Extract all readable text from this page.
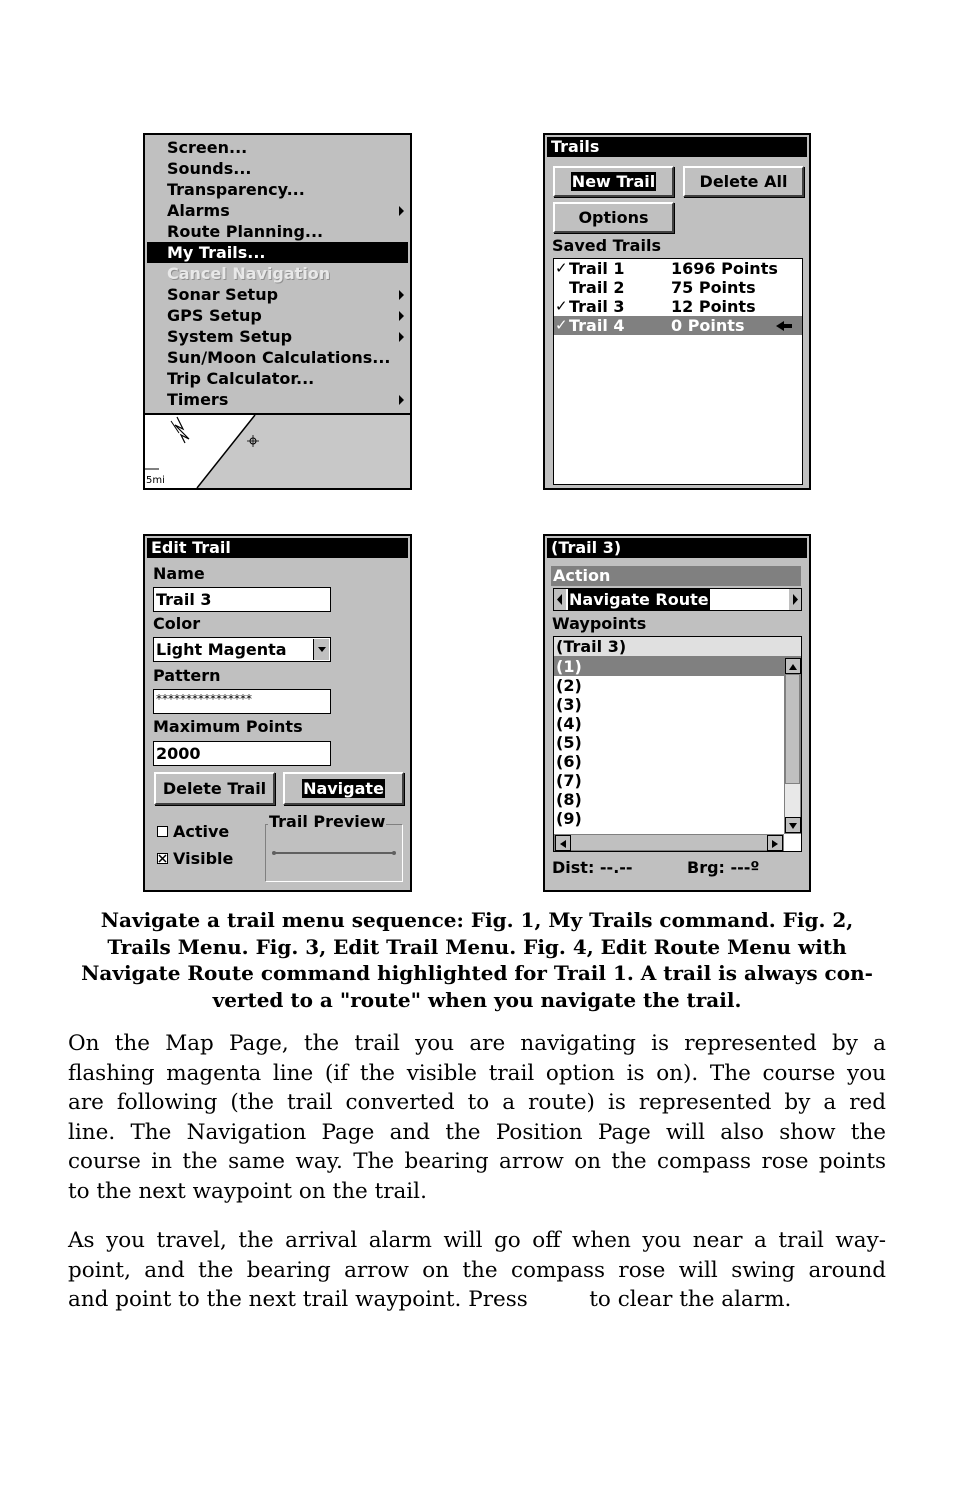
Screen...
Sounds...
Transparency...
Alarms
Route Planning...
My Trails...
Cancel Navigation
Sonar Setup
GPS Setup
System Setup
Sun/Moon Calculations...
Trip Calculator...
Timers
5mi
Trails
New Trail	Delete All
Options
Saved Trails
✓ Trail 1	1696 Points
Trail 2	75 Points
✓ Trail 3	12 Points
✓ Trail 4	0 Points
Edit Trail
Name
Trail 3
Color
Light Magenta
Pattern
****************
Maximum Points
2000
Delete Trail	Navigate
Active
Visible
Trail Preview
(Trail 3)
Action
Navigate Route
Waypoints
(Trail 3)
(1)
(2)
(3)
(4)
(5)
(6)
(7)
(8)
(9)
Dist: --.--	Brg: ---º
Navigate a trail menu sequence: Fig. 1, My Trails command. Fig. 2,
Trails Menu. Fig. 3, Edit Trail Menu. Fig. 4, Edit Route Menu with
Navigate Route command highlighted for Trail 1. A trail is always con-
verted to a "route" when you navigate the trail.
On the Map Page, the trail you are navigating is represented by a
flashing magenta line (if the visible trail option is on). The course you
are following (the trail converted to a route) is represented by a red
line. The Navigation Page and the Position Page will also show the
course in the same way. The bearing arrow on the compass rose points
to the next waypoint on the trail.
As you travel, the arrival alarm will go off when you near a trail way-
point, and the bearing arrow on the compass rose will swing around
and point to the next trail waypoint. Press         to clear the alarm.
